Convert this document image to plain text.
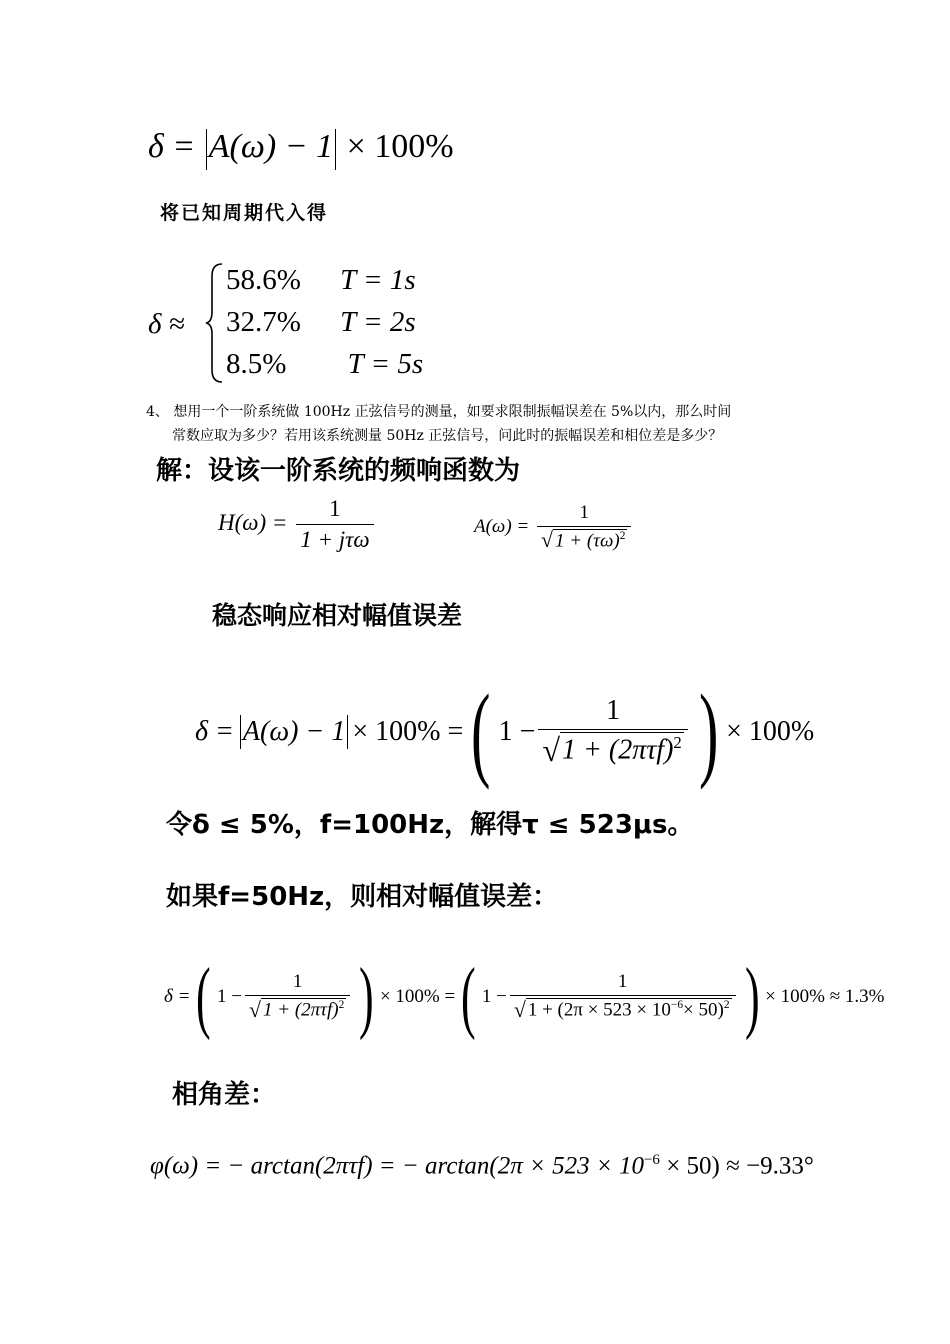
δ = A(ω) − 1 × 100%
将已知周期代入得
δ ≈
58.6% T = 1s
32.7% T = 2s
8.5% T = 5s
4、 想用一个一阶系统做 100Hz 正弦信号的测量，如要求限制振幅误差在 5%以内，那么时间
常数应取为多少？若用该系统测量 50Hz 正弦信号，问此时的振幅误差和相位差是多少？
解：设该一阶系统的频响函数为
$H(\omega) = \frac{1}{\text{1 + jτω}}$	$A(\omega) = \frac{1}{√ 1 + (\tau\omega)^2}$
稳态响应相对幅值误差
δ = A(ω) − 1 × 100% = ( $1 - \frac{1}{√ 1 + (2\pi\tau f)^2}$ ) × 100%
令δ ≤ 5%，f=100Hz，解得τ ≤ 523μs。
如果f=50Hz，则相对幅值误差：
δ = ( $1 - \frac{1}{√ 1 + (2\pi\tau f)^2}$ ) × 100% = ( $1 - \frac{1}{√ 1 + (2\pi \times 523 \times 10^{-6}\times 50)^2}$ ) × 100% ≈ 1.3%
相角差：
φ(ω) = − arctan(2πτf) = − $\arctan(2\pi \times 523 \times 10^{-6} \times 50) \approx -9.33^\circ$
